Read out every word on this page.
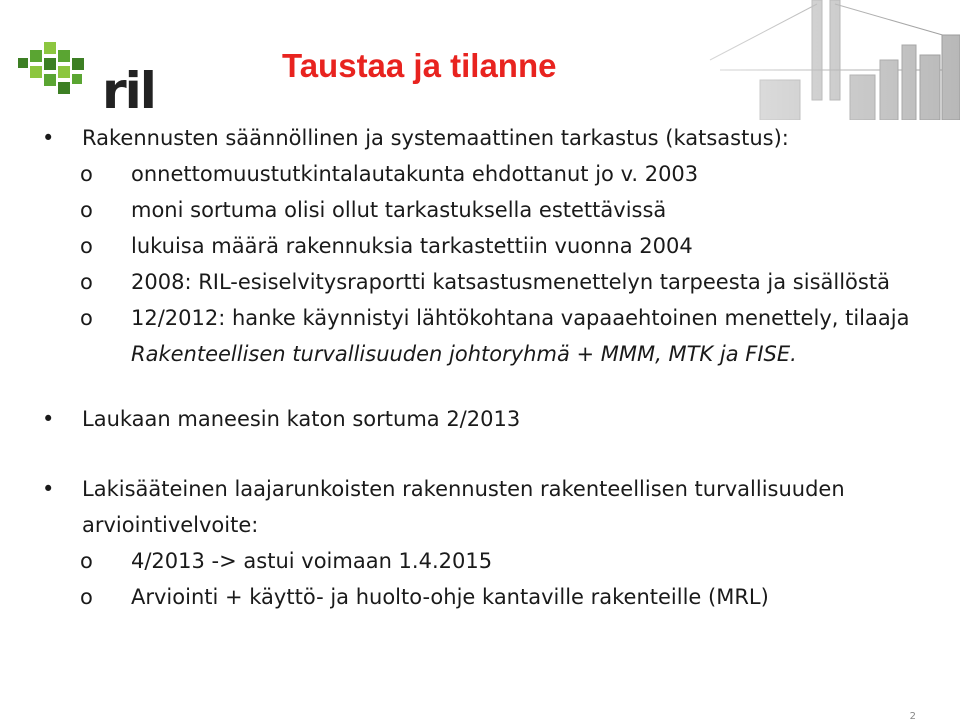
ril	Taustaa ja tilanne
• Rakennusten säännöllinen ja systemaattinen tarkastus (katsastus):
o onnettomuustutkintalautakunta ehdottanut jo v. 2003
o moni sortuma olisi ollut tarkastuksella estettävissä
o lukuisa määrä rakennuksia tarkastettiin vuonna 2004
o 2008: RIL-esiselvitysraportti katsastusmenettelyn tarpeesta ja sisällöstä
o 12/2012: hanke käynnistyi lähtökohtana vapaaehtoinen menettely, tilaaja Rakenteellisen turvallisuuden johtoryhmä + MMM, MTK ja FISE.
• Laukaan maneesin katon sortuma 2/2013
• Lakisääteinen laajarunkoisten rakennusten rakenteellisen turvallisuuden arviointivelvoite:
o 4/2013 -> astui voimaan 1.4.2015
o Arviointi + käyttö- ja huolto-ohje kantaville rakenteille (MRL)
2
